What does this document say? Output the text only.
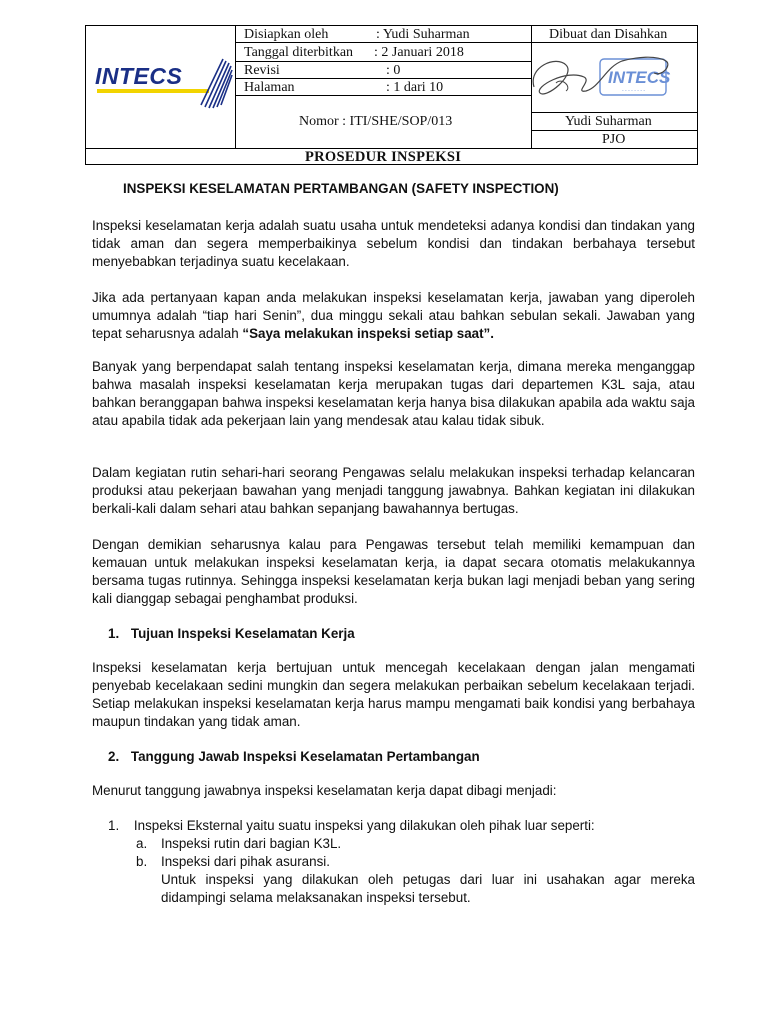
INTECS
Disiapkan oleh	: Yudi Suharman
Tanggal diterbitkan : 2 Januari 2018
Revisi	: 0
Halaman	: 1 dari 10
Nomor : ITI/SHE/SOP/013
Dibuat dan Disahkan
INTECS
- - - - - - - -
Yudi Suharman
PJO
PROSEDUR INSPEKSI
INSPEKSI KESELAMATAN PERTAMBANGAN (SAFETY INSPECTION)

Inspeksi keselamatan kerja adalah suatu usaha untuk mendeteksi adanya kondisi dan tindakan yang tidak aman dan segera memperbaikinya sebelum kondisi dan tindakan berbahaya tersebut menyebabkan terjadinya suatu kecelakaan.

Jika ada pertanyaan kapan anda melakukan inspeksi keselamatan kerja, jawaban yang diperoleh umumnya adalah “tiap hari Senin”, dua minggu sekali atau bahkan sebulan sekali. Jawaban yang tepat seharusnya adalah “Saya melakukan inspeksi setiap saat”.

Banyak yang berpendapat salah tentang inspeksi keselamatan kerja, dimana mereka menganggap bahwa masalah inspeksi keselamatan kerja merupakan tugas dari departemen K3L saja, atau bahkan beranggapan bahwa inspeksi keselamatan kerja hanya bisa dilakukan apabila ada waktu saja atau apabila tidak ada pekerjaan lain yang mendesak atau kalau tidak sibuk.

Dalam kegiatan rutin sehari-hari seorang Pengawas selalu melakukan inspeksi terhadap kelancaran produksi atau pekerjaan bawahan yang menjadi tanggung jawabnya. Bahkan kegiatan ini dilakukan berkali-kali dalam sehari atau bahkan sepanjang bawahannya bertugas.

Dengan demikian seharusnya kalau para Pengawas tersebut telah memiliki kemampuan dan kemauan untuk melakukan inspeksi keselamatan kerja, ia dapat secara otomatis melakukannya bersama tugas rutinnya. Sehingga inspeksi keselamatan kerja bukan lagi menjadi beban yang sering kali dianggap sebagai penghambat produksi.

1. Tujuan Inspeksi Keselamatan Kerja

Inspeksi keselamatan kerja bertujuan untuk mencegah kecelakaan dengan jalan mengamati penyebab kecelakaan sedini mungkin dan segera melakukan perbaikan sebelum kecelakaan terjadi. Setiap melakukan inspeksi keselamatan kerja harus mampu mengamati baik kondisi yang berbahaya maupun tindakan yang tidak aman.

2. Tanggung Jawab Inspeksi Keselamatan Pertambangan

Menurut tanggung jawabnya inspeksi keselamatan kerja dapat dibagi menjadi:

1. Inspeksi Eksternal yaitu suatu inspeksi yang dilakukan oleh pihak luar seperti:
a. Inspeksi rutin dari bagian K3L.
b. Inspeksi dari pihak asuransi.

Untuk inspeksi yang dilakukan oleh petugas dari luar ini usahakan agar mereka didampingi selama melaksanakan inspeksi tersebut.
